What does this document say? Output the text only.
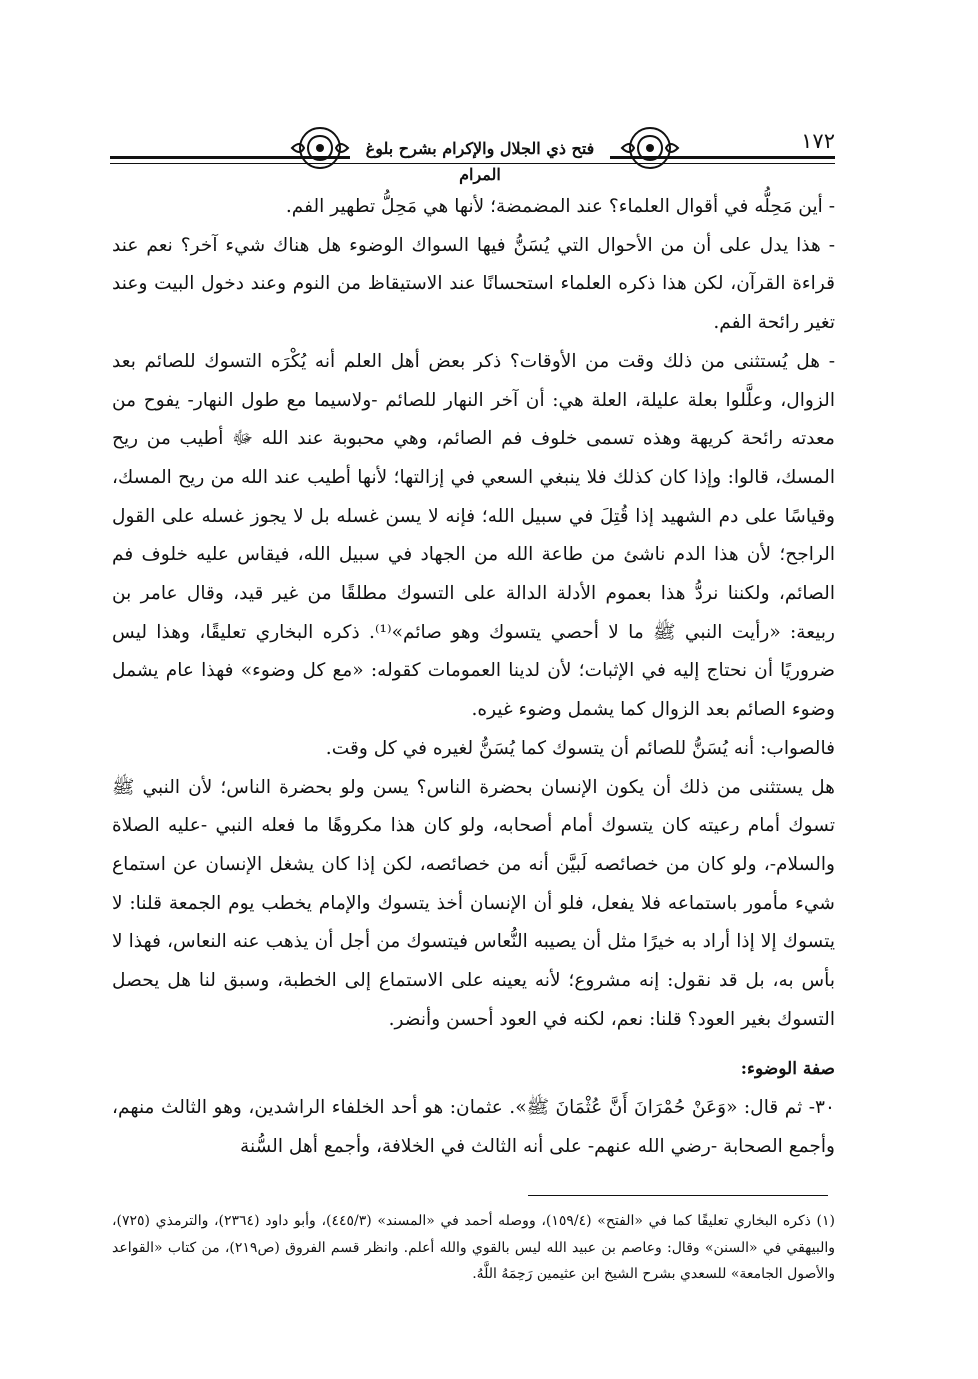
فتح ذي الجلال والإكرام بشرح بلوغ المرام
١٧٢

- أين مَحِلُّه في أقوال العلماء؟ عند المضمضة؛ لأنها هي مَحِلُّ تطهير الفم.

- هذا يدل على أن من الأحوال التي يُسَنُّ فيها السواك الوضوء هل هناك شيء آخر؟ نعم عند قراءة القرآن، لكن هذا ذكره العلماء استحسانًا عند الاستيقاظ من النوم وعند دخول البيت وعند تغير رائحة الفم.

- هل يُستثنى من ذلك وقت من الأوقات؟ ذكر بعض أهل العلم أنه يُكْرَه التسوك للصائم بعد الزوال، وعلَّلوا بعلة عليلة، العلة هي: أن آخر النهار للصائم -ولاسيما مع طول النهار- يفوح من معدته رائحة كريهة وهذه تسمى خلوف فم الصائم، وهي محبوبة عند الله ﷻ أطيب من ريح المسك، قالوا: وإذا كان كذلك فلا ينبغي السعي في إزالتها؛ لأنها أطيب عند الله من ريح المسك، وقياسًا على دم الشهيد إذا قُتِلَ في سبيل الله؛ فإنه لا يسن غسله بل لا يجوز غسله على القول الراجح؛ لأن هذا الدم ناشئ من طاعة الله من الجهاد في سبيل الله، فيقاس عليه خلوف فم الصائم، ولكننا نردُّ هذا بعموم الأدلة الدالة على التسوك مطلقًا من غير قيد، وقال عامر بن ربيعة: «رأيت النبي ﷺ ما لا أحصي يتسوك وهو صائم»⁽¹⁾. ذكره البخاري تعليقًا، وهذا ليس ضروريًا أن نحتاج إليه في الإثبات؛ لأن لدينا العمومات كقوله: «مع كل وضوء» فهذا عام يشمل وضوء الصائم بعد الزوال كما يشمل وضوء غيره.

فالصواب: أنه يُسَنُّ للصائم أن يتسوك كما يُسَنُّ لغيره في كل وقت.

هل يستثنى من ذلك أن يكون الإنسان بحضرة الناس؟ يسن ولو بحضرة الناس؛ لأن النبي ﷺ تسوك أمام رعيته كان يتسوك أمام أصحابه، ولو كان هذا مكروهًا ما فعله النبي -عليه الصلاة والسلام-، ولو كان من خصائصه لَبيَّن أنه من خصائصه، لكن إذا كان يشغل الإنسان عن استماع شيء مأمور باستماعه فلا يفعل، فلو أن الإنسان أخذ يتسوك والإمام يخطب يوم الجمعة قلنا: لا يتسوك إلا إذا أراد به خيرًا مثل أن يصيبه النُّعاس فيتسوك من أجل أن يذهب عنه النعاس، فهذا لا بأس به، بل قد نقول: إنه مشروع؛ لأنه يعينه على الاستماع إلى الخطبة، وسبق لنا هل يحصل التسوك بغير العود؟ قلنا: نعم، لكنه في العود أحسن وأنضر.

صفة الوضوء:

٣٠- ثم قال: «وَعَنْ حُمْرَانَ أَنَّ عُثْمَانَ ﷺ». عثمان: هو أحد الخلفاء الراشدين، وهو الثالث منهم، وأجمع الصحابة -رضي الله عنهم- على أنه الثالث في الخلافة، وأجمع أهل السُّنة

(١) ذكره البخاري تعليقًا كما في «الفتح» (١٥٩/٤)، ووصله أحمد في «المسند» (٤٤٥/٣)، وأبو داود (٢٣٦٤)، والترمذي (٧٢٥)، والبيهقي في «السنن» وقال: وعاصم بن عبيد الله ليس بالقوي والله أعلم. وانظر قسم الفروق (ص٢١٩)، من كتاب «القواعد والأصول الجامعة» للسعدي بشرح الشيخ ابن عثيمين رَحِمَهُ اللَّهُ.
